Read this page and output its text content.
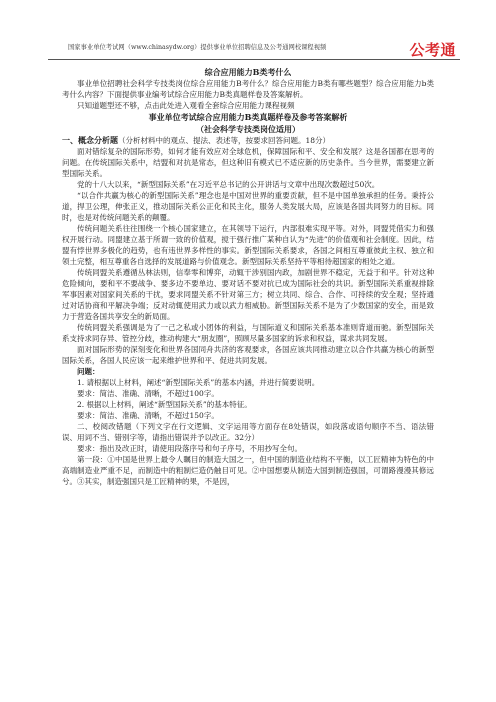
国家事业单位考试网（www.chinasydw.org）提供事业单位招聘信息及公考通网校课程视频	公考通

综合应用能力B类考什么

事业单位招聘社会科学专技类岗位综合应用能力B考什么？综合应用能力B类有哪些题型？综合应用能力b类考什么内容？下面提供事业编考试综合应用能力B类真题样卷及答案解析。

只知道题型还不够，点击此处进入观看全套综合应用能力课程视频

事业单位考试综合应用能力B类真题样卷及参考答案解析

（社会科学专技类岗位适用）

一、概念分析题（分析材料中的观点、提法、表述等，按要求回答问题。18分）

面对错综复杂的国际形势，如何才能有效应对全球危机，保障国际和平、安全和发展？这是各国都在思考的问题。在传统国际关系中，结盟和对抗是常态，但这种旧有模式已不适应新的历史条件。当今世界，需要建立新型国际关系。

党的十八大以来，“新型国际关系”在习近平总书记的公开讲话与文章中出现次数超过50次。

“以合作共赢为核心的新型国际关系”理念也是中国对世界的重要贡献，但不是中国单独承担的任务。秉持公道，捍卫公理，伸张正义，推动国际关系公正化和民主化，服务人类发展大局，应该是各国共同努力的目标。同时，也是对传统问题关系的颠覆。

传统问题关系往往围绕一个核心国家建立，在其领导下运行，内部很难实现平等。对外，同盟凭借实力和强权开展行动。同盟建立基于所谓一致的价值观，搅于强行推广某种自认为“先进”的价值观和社会制度。因此，结盟有悖世界多极化的趋势，也有违世界多样性的事实。新型国际关系要求，各国之间相互尊重彼此主权、独立和领土完整，相互尊重各自选择的发展道路与价值观念。新型国际关系坚持平等相待超国家的相处之道。

传统同盟关系遵循丛林法则，信奉零和博弈，动辄干涉别国内政，加剧世界不稳定，无益于和平。针对这种危险倾向，要和平不要战争、要多边不要单边、要对话不要对抗已成为国际社会的共识。新型国际关系重视排除军事因素对国家间关系的干扰，要求同盟关系不针对第三方；树立共同、综合、合作、可持续的安全观；坚持通过对话协商和平解决争端；反对动辄使用武力或以武力相威胁。新型国际关系不是为了少数国家的安全，而是致力于营造各国共享安全的新局面。

传统同盟关系强调是为了一己之私或小团体的利益，与国际道义和国际关系基本准则背道而驰。新型国际关系支持求同存异、管控分歧，推动构建大“朋友圈”，照顾尽量多国家的诉求和权益，谋求共同发展。

面对国际形势的深刻变化和世界各国同舟共济的客观要求，各国应该共同推动建立以合作共赢为核心的新型国际关系，各国人民应该一起来维护世界和平、促进共同发展。

问题：

1. 请根据以上材料，阐述“新型国际关系”的基本内涵，并进行简要说明。

要求：简洁、准确、清晰，不超过100字。

2. 根据以上材料，阐述“新型国际关系”的基本特征。

要求：简洁、准确、清晰，不超过150字。

二、校阅改错题（下列文字在行文逻辑、文字运用等方面存在8处错误，如段落或语句顺序不当、语法错误、用词不当、错别字等，请指出错误并予以改正。32分）

要求：指出及改正时，请使用段落序号和句子序号，不用抄写全句。

第一段：①中国是世界上最令人瞩目的制造大国之一，但中国的制造业结构不平衡，以工匠精神为特色的中高端制造业严重不足，而制造中的粗制烂造仍触目可见。②中国想要从制造大国到制造强国，可谓路漫漫其修远兮。③其实，制造强国只是工匠精神的果，不是因，
